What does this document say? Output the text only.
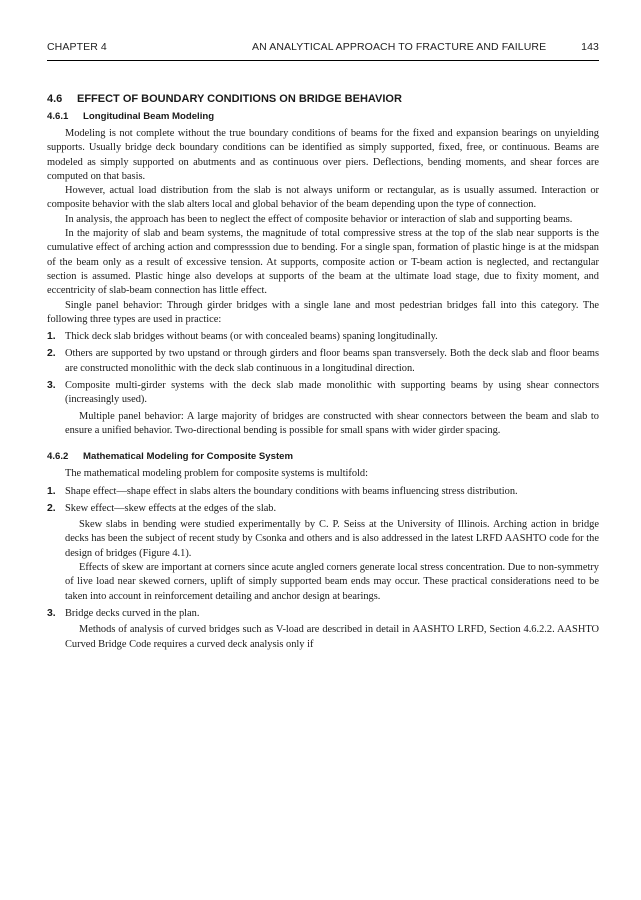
CHAPTER 4	AN ANALYTICAL APPROACH TO FRACTURE AND FAILURE	143
4.6 EFFECT OF BOUNDARY CONDITIONS ON BRIDGE BEHAVIOR
4.6.1 Longitudinal Beam Modeling

Modeling is not complete without the true boundary conditions of beams for the fixed and expansion bearings on unyielding supports. Usually bridge deck boundary conditions can be identified as simply supported, fixed, free, or continuous. Beams are modeled as simply supported on abutments and as continuous over piers. Deflections, bending moments, and shear forces are computed on that basis.

However, actual load distribution from the slab is not always uniform or rectangular, as is usually assumed. Interaction or composite behavior with the slab alters local and global behavior of the beam depending upon the type of connection.

In analysis, the approach has been to neglect the effect of composite behavior or interaction of slab and supporting beams.

In the majority of slab and beam systems, the magnitude of total compressive stress at the top of the slab near supports is the cumulative effect of arching action and compresssion due to bending. For a single span, formation of plastic hinge is at the midspan of the beam only as a result of excessive tension. At supports, composite action or T-beam action is neglected, and rectangular section is assumed. Plastic hinge also develops at supports of the beam at the ultimate load stage, due to fixity moment, and eccentricity of slab-beam connection has little effect.

Single panel behavior: Through girder bridges with a single lane and most pedestrian bridges fall into this category. The following three types are used in practice:

1. Thick deck slab bridges without beams (or with concealed beams) spaning longitudinally.

2. Others are supported by two upstand or through girders and floor beams span transversely. Both the deck slab and floor beams are constructed monolithic with the deck slab continuous in a longitudinal direction.

3. Composite multi-girder systems with the deck slab made monolithic with supporting beams by using shear connectors (increasingly used).

Multiple panel behavior: A large majority of bridges are constructed with shear connectors between the beam and slab to ensure a unified behavior. Two-directional bending is possible for small spans with wider girder spacing.

4.6.2 Mathematical Modeling for Composite System

The mathematical modeling problem for composite systems is multifold:

1. Shape effect—shape effect in slabs alters the boundary conditions with beams influencing stress distribution.

2. Skew effect—skew effects at the edges of the slab.

Skew slabs in bending were studied experimentally by C. P. Seiss at the University of Illinois. Arching action in bridge decks has been the subject of recent study by Csonka and others and is also addressed in the latest LRFD AASHTO code for the design of bridges (Figure 4.1).

Effects of skew are important at corners since acute angled corners generate local stress concentration. Due to non-symmetry of live load near skewed corners, uplift of simply supported beam ends may occur. These practical considerations need to be taken into account in reinforcement detailing and anchor design at bearings.

3. Bridge decks curved in the plan.

Methods of analysis of curved bridges such as V-load are described in detail in AASHTO LRFD, Section 4.6.2.2. AASHTO Curved Bridge Code requires a curved deck analysis only if
